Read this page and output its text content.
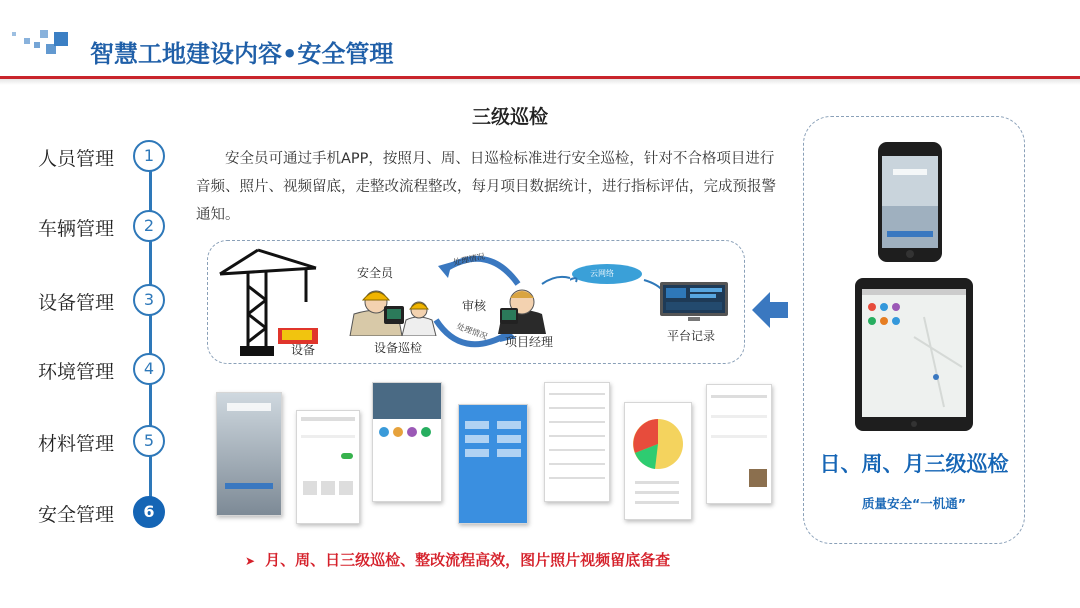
智慧工地建设内容•安全管理
人员管理	1
车辆管理	2
设备管理	3
环境管理	4
材料管理	5
安全管理	6
三级巡检
安全员可通过手机APP，按照月、周、日巡检标准进行安全巡检，针对不合格项目进行音频、照片、视频留底，走整改流程整改，每月项目数据统计，进行指标评估，完成预报警通知。
设备
安全员
设备巡检
处理情况
处理情况
审核
项目经理
云网络
平台记录
日、周、月三级巡检
质量安全“一机通”
➤ 月、周、日三级巡检、整改流程高效，图片照片视频留底备查
